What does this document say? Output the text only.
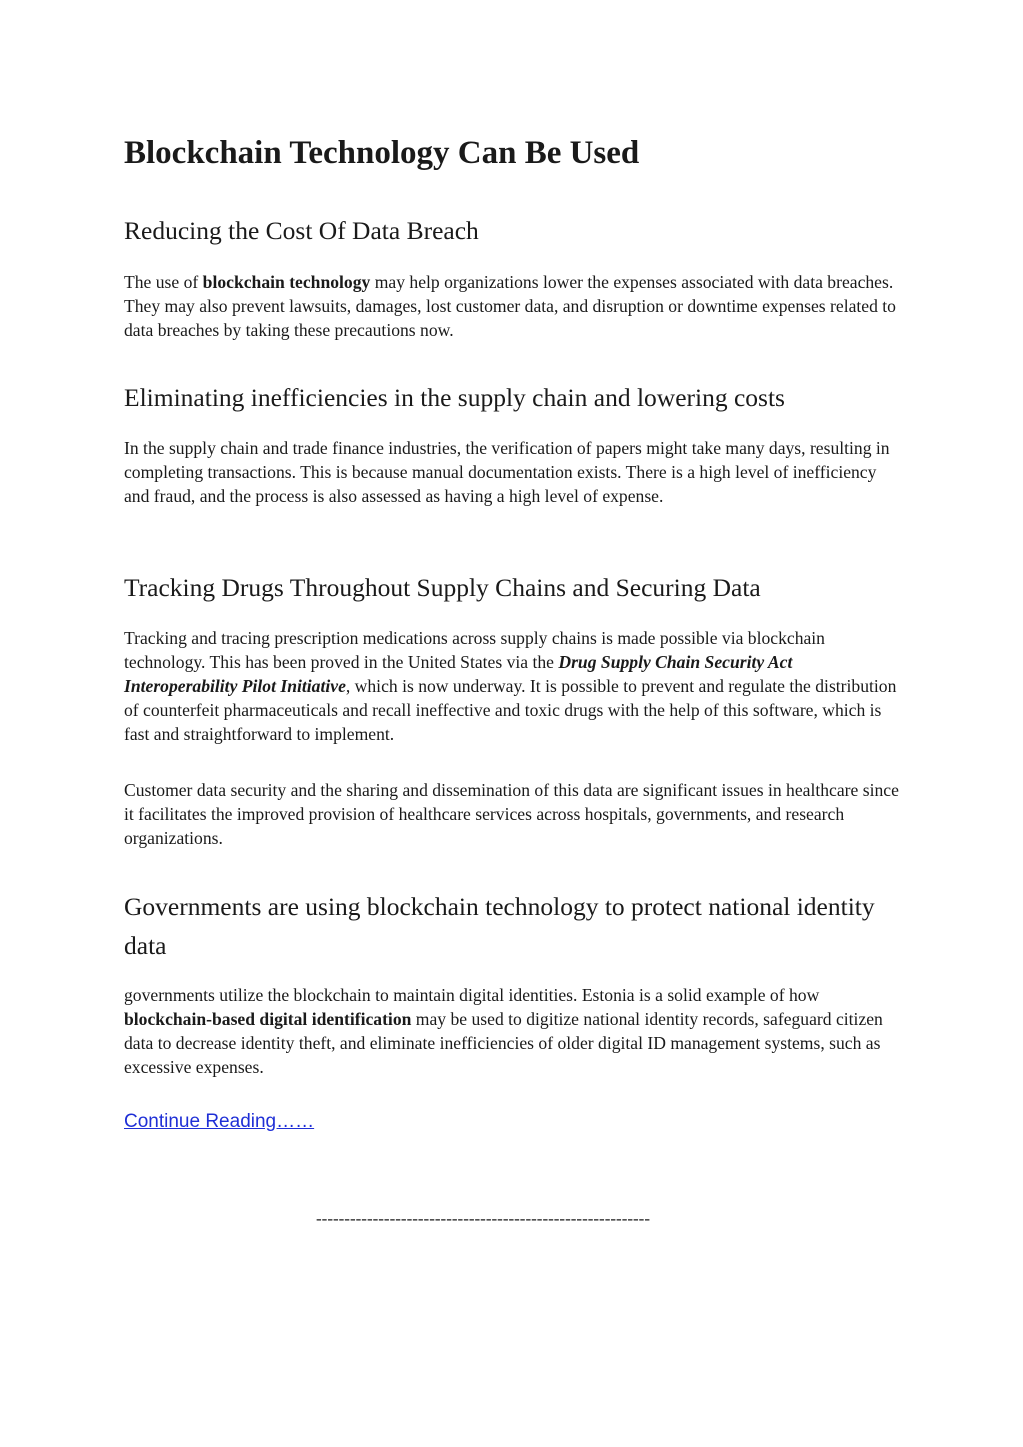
Blockchain Technology Can Be Used
Reducing the Cost Of Data Breach

The use of blockchain technology may help organizations lower the expenses associated with data breaches. They may also prevent lawsuits, damages, lost customer data, and disruption or downtime expenses related to data breaches by taking these precautions now.

Eliminating inefficiencies in the supply chain and lowering costs

In the supply chain and trade finance industries, the verification of papers might take many days, resulting in completing transactions. This is because manual documentation exists. There is a high level of inefficiency and fraud, and the process is also assessed as having a high level of expense.

Tracking Drugs Throughout Supply Chains and Securing Data

Tracking and tracing prescription medications across supply chains is made possible via blockchain technology. This has been proved in the United States via the Drug Supply Chain Security Act Interoperability Pilot Initiative, which is now underway. It is possible to prevent and regulate the distribution of counterfeit pharmaceuticals and recall ineffective and toxic drugs with the help of this software, which is fast and straightforward to implement.

Customer data security and the sharing and dissemination of this data are significant issues in healthcare since it facilitates the improved provision of healthcare services across hospitals, governments, and research organizations.

Governments are using blockchain technology to protect national identity data

governments utilize the blockchain to maintain digital identities. Estonia is a solid example of how blockchain-based digital identification may be used to digitize national identity records, safeguard citizen data to decrease identity theft, and eliminate inefficiencies of older digital ID management systems, such as excessive expenses.

Continue Reading……
-----------------------------------------------------------
